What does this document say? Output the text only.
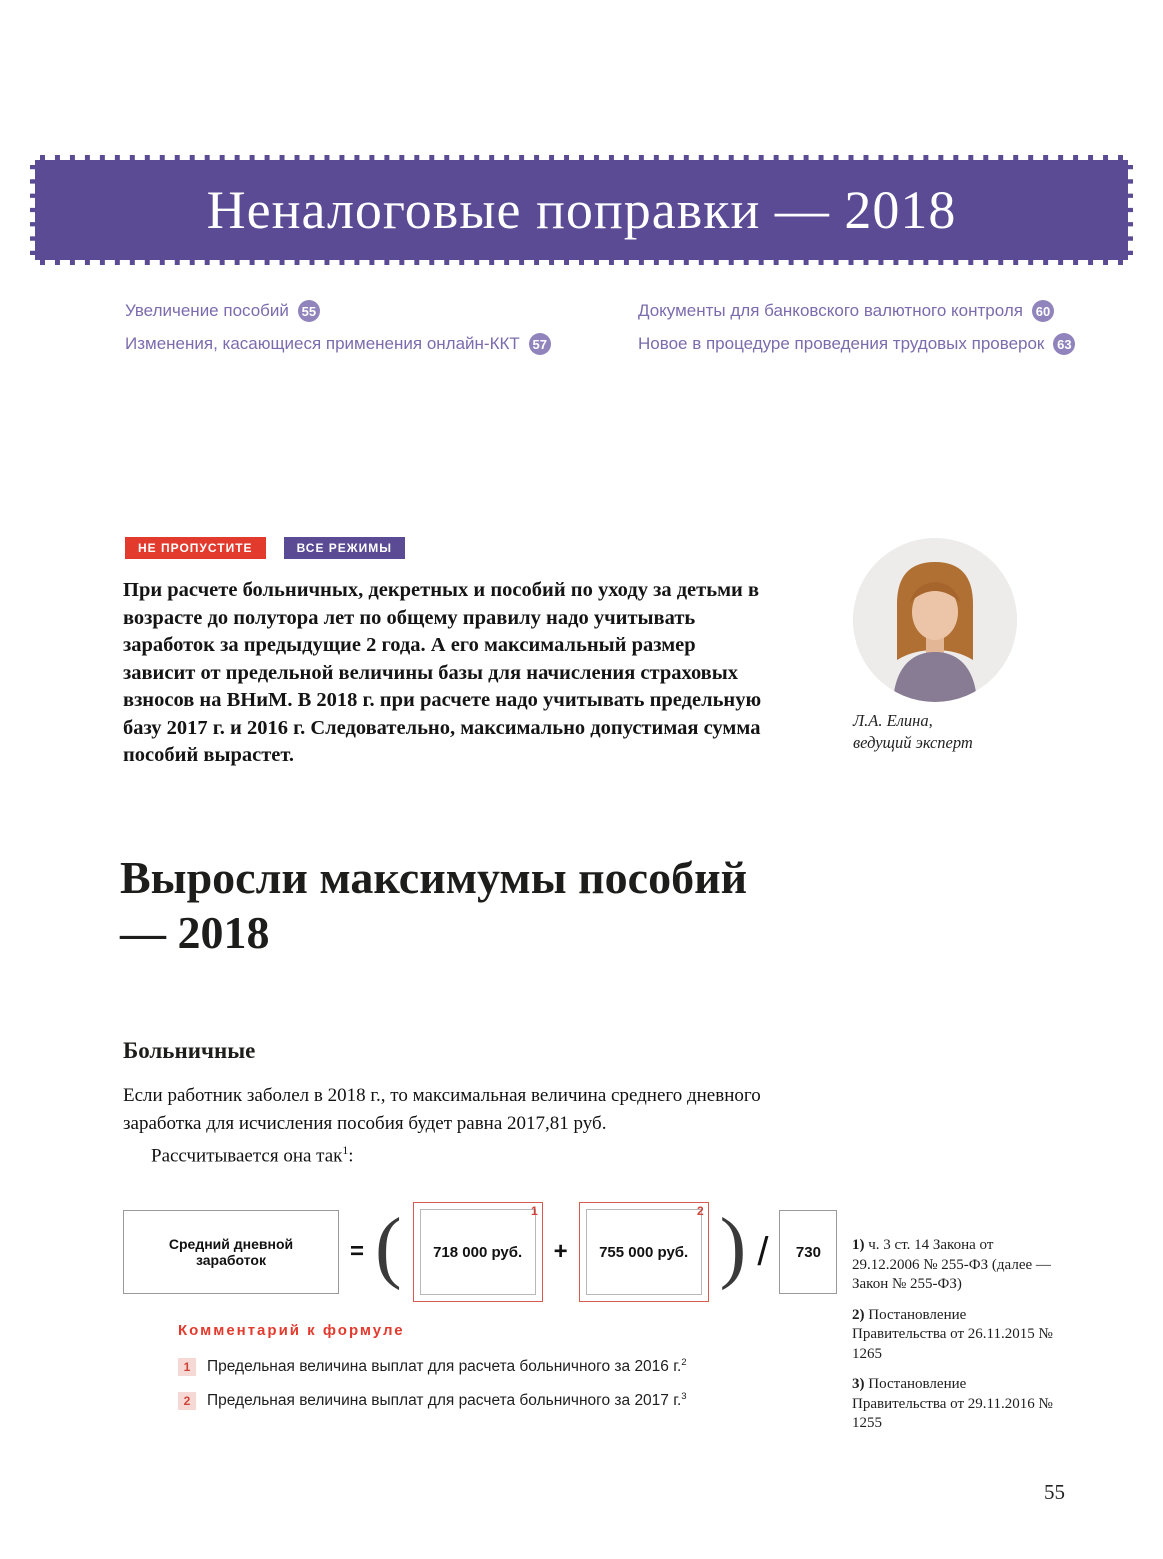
Неналоговые поправки — 2018
Увеличение пособий 55
Изменения, касающиеся применения онлайн-ККТ 57
Документы для банковского валютного контроля 60
Новое в процедуре проведения трудовых проверок 63
НЕ ПРОПУСТИТЕ	ВСЕ РЕЖИМЫ

При расчете больничных, декретных и пособий по уходу за детьми в возрасте до полутора лет по общему правилу надо учитывать заработок за предыдущие 2 года. А его максимальный размер зависит от предельной величины базы для начисления страховых взносов на ВНиМ. В 2018 г. при расчете надо учитывать предельную базу 2017 г. и 2016 г. Следовательно, максимально допустимая сумма пособий вырастет.

Л.А. Елина,
ведущий эксперт
Выросли максимумы пособий — 2018
Больничные

Если работник заболел в 2018 г., то максимальная величина среднего дневного заработка для исчисления пособия будет равна 2017,81 руб.
Рассчитывается она так$^1$:

Средний дневной заработок	= (	1
718 000 руб.	+
2
755 000 руб. ) /	730
Комментарий к формуле
1	Предельная величина выплат для расчета больничного за 2016 г.$^2$
2	Предельная величина выплат для расчета больничного за 2017 г.$^3$

1) ч. 3 ст. 14 Закона от 29.12.2006 № 255-ФЗ (далее — Закон № 255-ФЗ)

2) Постановление Правительства от 26.11.2015 № 1265

3) Постановление Правительства от 29.11.2016 № 1255

55
